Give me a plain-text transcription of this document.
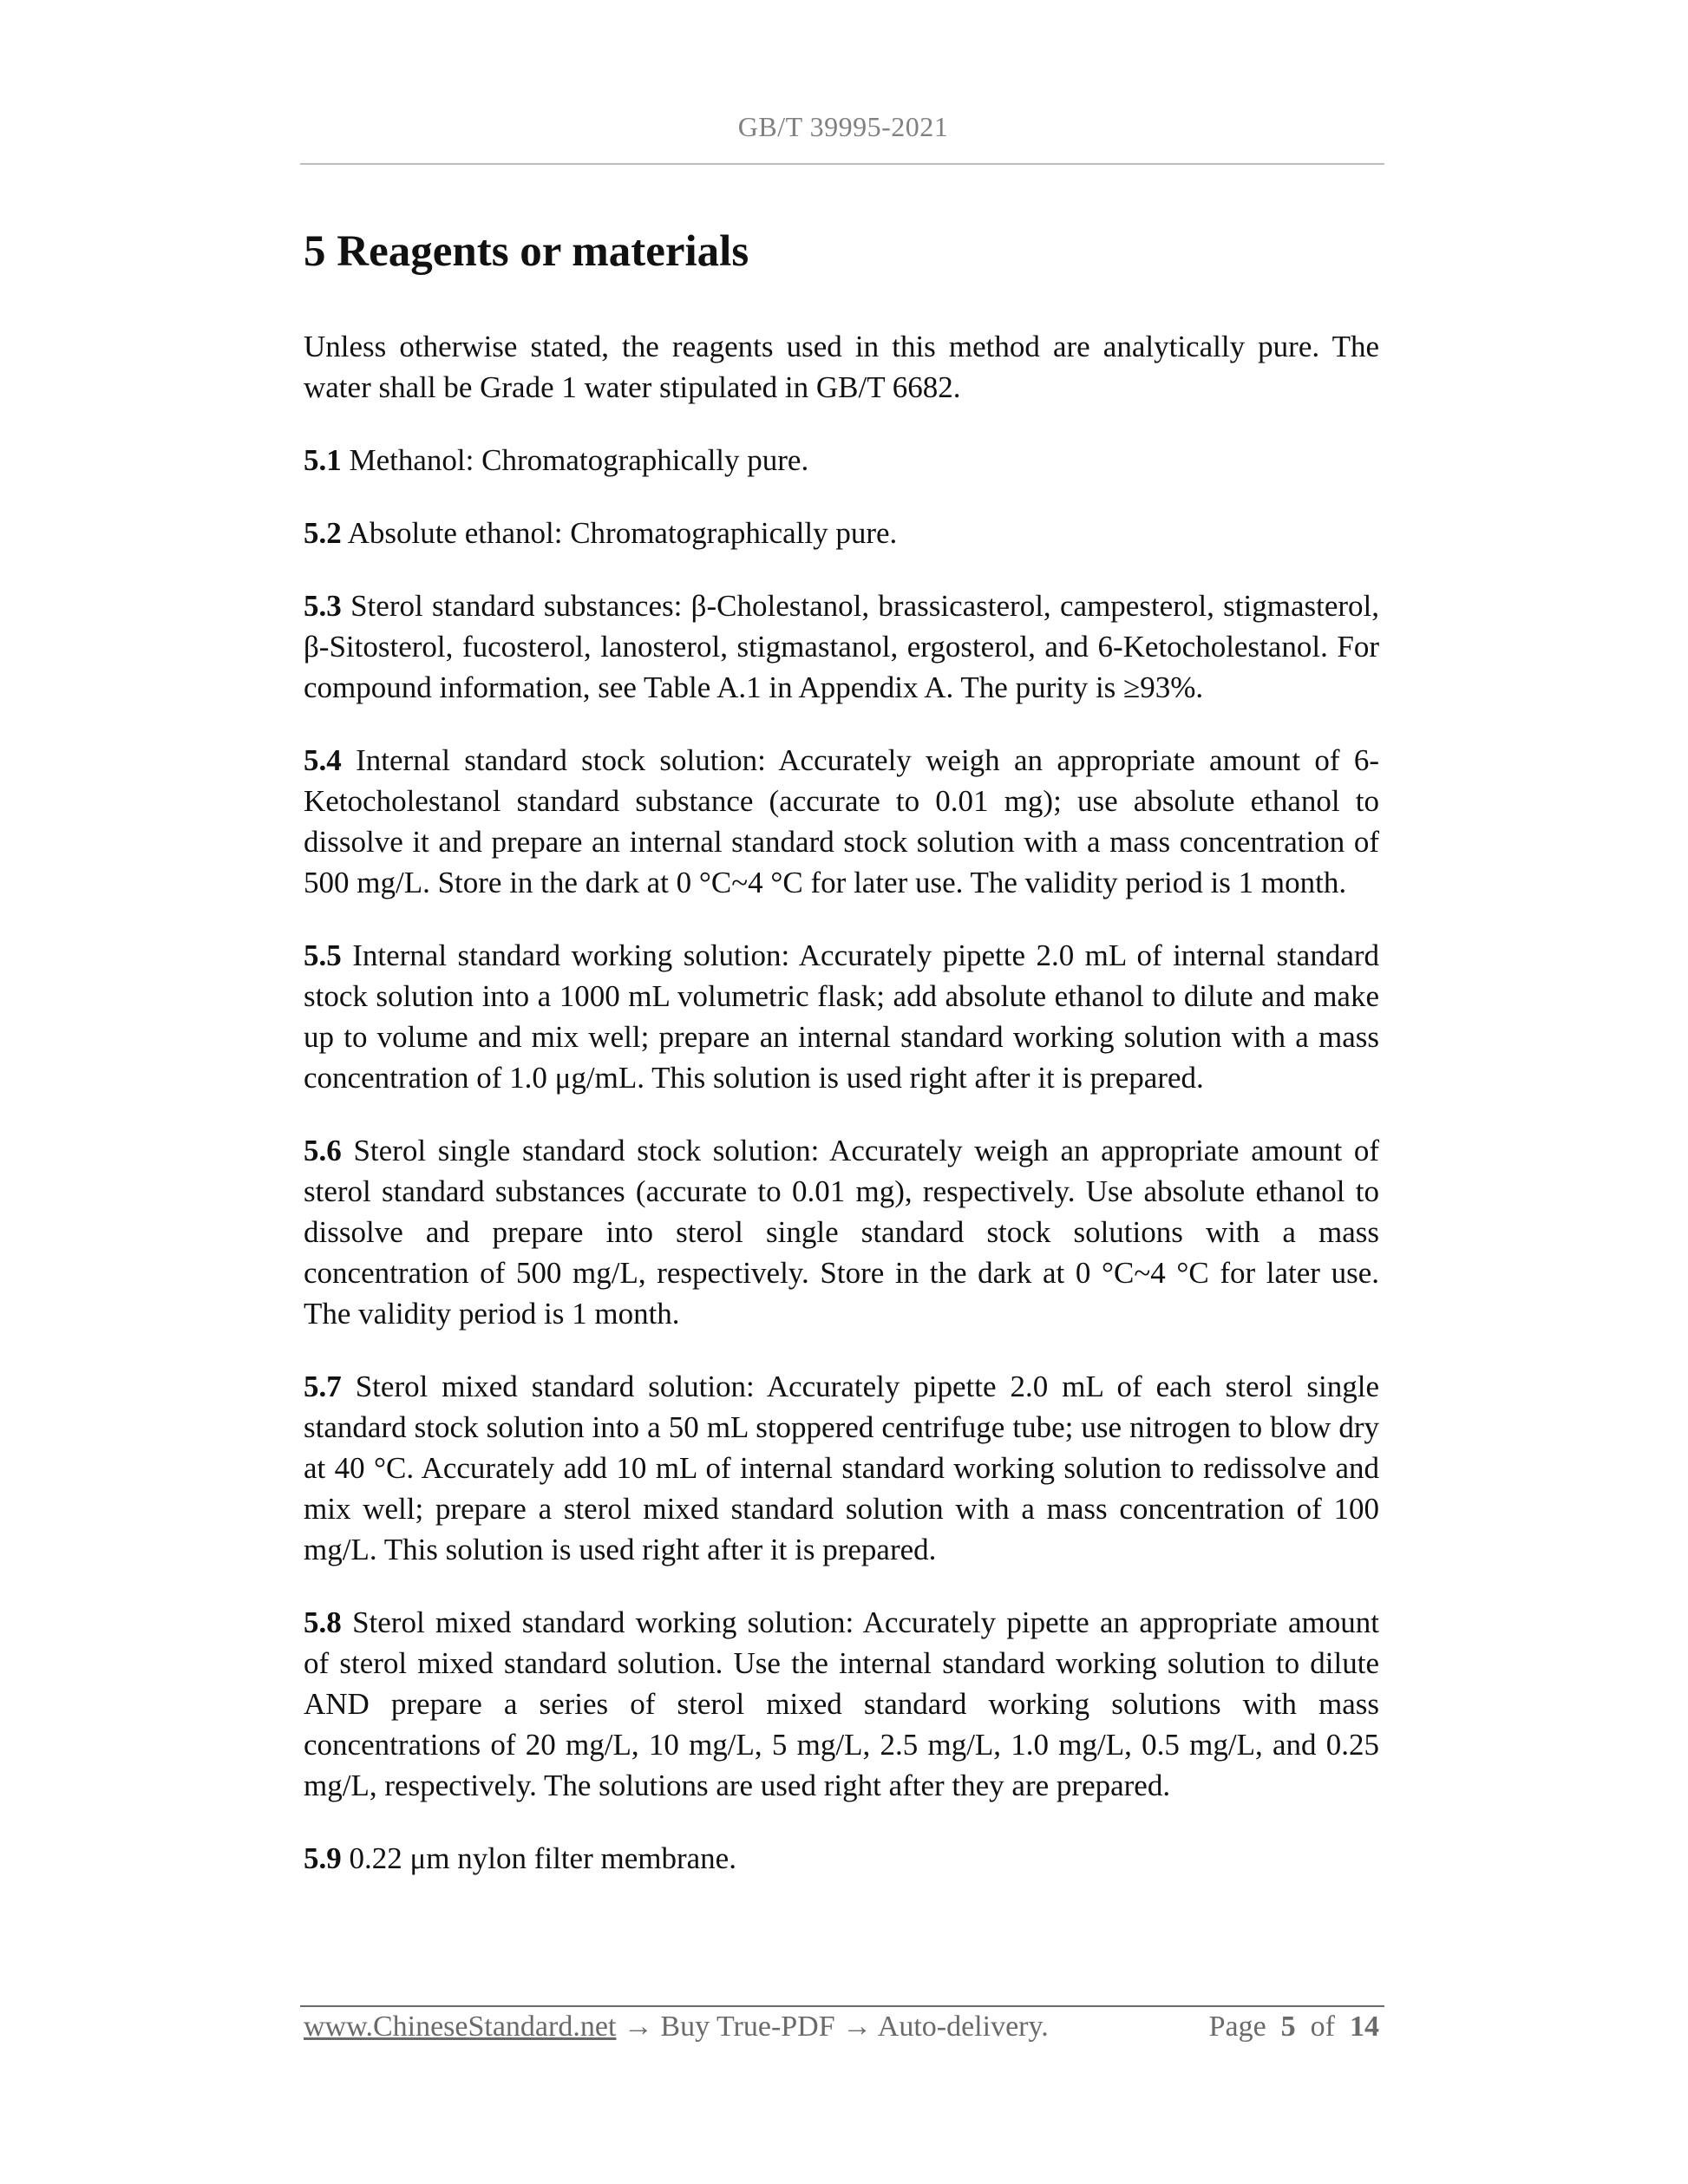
GB/T 39995-2021
5 Reagents or materials

Unless otherwise stated, the reagents used in this method are analytically pure. The water shall be Grade 1 water stipulated in GB/T 6682.

5.1 Methanol: Chromatographically pure.

5.2 Absolute ethanol: Chromatographically pure.

5.3 Sterol standard substances: β-Cholestanol, brassicasterol, campesterol, stigmasterol, β-Sitosterol, fucosterol, lanosterol, stigmastanol, ergosterol, and 6-Ketocholestanol. For compound information, see Table A.1 in Appendix A. The purity is ≥93%.

5.4 Internal standard stock solution: Accurately weigh an appropriate amount of 6-Ketocholestanol standard substance (accurate to 0.01 mg); use absolute ethanol to dissolve it and prepare an internal standard stock solution with a mass concentration of 500 mg/L. Store in the dark at 0 °C~4 °C for later use. The validity period is 1 month.

5.5 Internal standard working solution: Accurately pipette 2.0 mL of internal standard stock solution into a 1000 mL volumetric flask; add absolute ethanol to dilute and make up to volume and mix well; prepare an internal standard working solution with a mass concentration of 1.0 μg/mL. This solution is used right after it is prepared.

5.6 Sterol single standard stock solution: Accurately weigh an appropriate amount of sterol standard substances (accurate to 0.01 mg), respectively. Use absolute ethanol to dissolve and prepare into sterol single standard stock solutions with a mass concentration of 500 mg/L, respectively. Store in the dark at 0 °C~4 °C for later use. The validity period is 1 month.

5.7 Sterol mixed standard solution: Accurately pipette 2.0 mL of each sterol single standard stock solution into a 50 mL stoppered centrifuge tube; use nitrogen to blow dry at 40 °C. Accurately add 10 mL of internal standard working solution to redissolve and mix well; prepare a sterol mixed standard solution with a mass concentration of 100 mg/L. This solution is used right after it is prepared.

5.8 Sterol mixed standard working solution: Accurately pipette an appropriate amount of sterol mixed standard solution. Use the internal standard working solution to dilute AND prepare a series of sterol mixed standard working solutions with mass concentrations of 20 mg/L, 10 mg/L, 5 mg/L, 2.5 mg/L, 1.0 mg/L, 0.5 mg/L, and 0.25 mg/L, respectively. The solutions are used right after they are prepared.

5.9 0.22 μm nylon filter membrane.

www.ChineseStandard.net → Buy True-PDF → Auto-delivery.	Page 5 of 14
